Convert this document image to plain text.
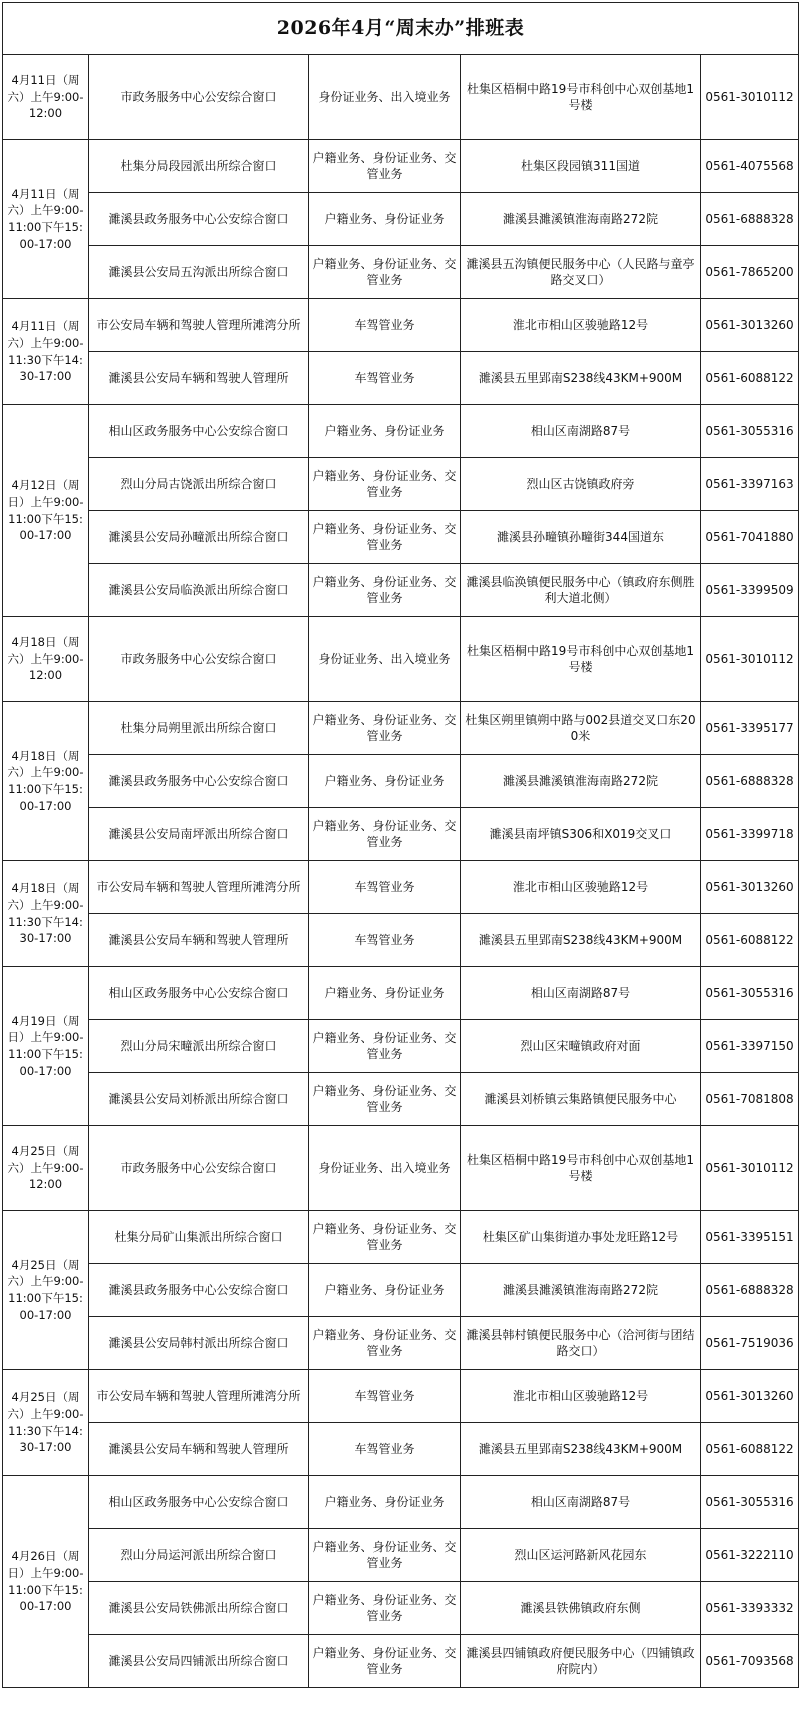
2026年4月“周末办”排班表				
4月11日（周六）上午9:00-12:00	市政务服务中心公安综合窗口	身份证业务、出入境业务	杜集区梧桐中路19号市科创中心双创基地1号楼	0561-3010112
4月11日（周六）上午9:00-11:00下午15:00-17:00	杜集分局段园派出所综合窗口	户籍业务、身份证业务、交管业务	杜集区段园镇311国道	0561-4075568
	濉溪县政务服务中心公安综合窗口	户籍业务、身份证业务	濉溪县濉溪镇淮海南路272院	0561-6888328
	濉溪县公安局五沟派出所综合窗口	户籍业务、身份证业务、交管业务	濉溪县五沟镇便民服务中心（人民路与童亭路交叉口）	0561-7865200
4月11日（周六）上午9:00-11:30下午14:30-17:00	市公安局车辆和驾驶人管理所滩湾分所	车驾管业务	淮北市相山区骏驰路12号	0561-3013260
	濉溪县公安局车辆和驾驶人管理所	车驾管业务	濉溪县五里郢南S238线43KM+900M	0561-6088122
4月12日（周日）上午9:00-11:00下午15:00-17:00	相山区政务服务中心公安综合窗口	户籍业务、身份证业务	相山区南湖路87号	0561-3055316
	烈山分局古饶派出所综合窗口	户籍业务、身份证业务、交管业务	烈山区古饶镇政府旁	0561-3397163
	濉溪县公安局孙疃派出所综合窗口	户籍业务、身份证业务、交管业务	濉溪县孙疃镇孙疃街344国道东	0561-7041880
	濉溪县公安局临涣派出所综合窗口	户籍业务、身份证业务、交管业务	濉溪县临涣镇便民服务中心（镇政府东侧胜利大道北侧）	0561-3399509
4月18日（周六）上午9:00-12:00	市政务服务中心公安综合窗口	身份证业务、出入境业务	杜集区梧桐中路19号市科创中心双创基地1号楼	0561-3010112
4月18日（周六）上午9:00-11:00下午15:00-17:00	杜集分局朔里派出所综合窗口	户籍业务、身份证业务、交管业务	杜集区朔里镇朔中路与002县道交叉口东200米	0561-3395177
	濉溪县政务服务中心公安综合窗口	户籍业务、身份证业务	濉溪县濉溪镇淮海南路272院	0561-6888328
	濉溪县公安局南坪派出所综合窗口	户籍业务、身份证业务、交管业务	濉溪县南坪镇S306和X019交叉口	0561-3399718
4月18日（周六）上午9:00-11:30下午14:30-17:00	市公安局车辆和驾驶人管理所滩湾分所	车驾管业务	淮北市相山区骏驰路12号	0561-3013260
	濉溪县公安局车辆和驾驶人管理所	车驾管业务	濉溪县五里郢南S238线43KM+900M	0561-6088122
4月19日（周日）上午9:00-11:00下午15:00-17:00	相山区政务服务中心公安综合窗口	户籍业务、身份证业务	相山区南湖路87号	0561-3055316
	烈山分局宋疃派出所综合窗口	户籍业务、身份证业务、交管业务	烈山区宋疃镇政府对面	0561-3397150
	濉溪县公安局刘桥派出所综合窗口	户籍业务、身份证业务、交管业务	濉溪县刘桥镇云集路镇便民服务中心	0561-7081808
4月25日（周六）上午9:00-12:00	市政务服务中心公安综合窗口	身份证业务、出入境业务	杜集区梧桐中路19号市科创中心双创基地1号楼	0561-3010112
4月25日（周六）上午9:00-11:00下午15:00-17:00	杜集分局矿山集派出所综合窗口	户籍业务、身份证业务、交管业务	杜集区矿山集街道办事处龙旺路12号	0561-3395151
	濉溪县政务服务中心公安综合窗口	户籍业务、身份证业务	濉溪县濉溪镇淮海南路272院	0561-6888328
	濉溪县公安局韩村派出所综合窗口	户籍业务、身份证业务、交管业务	濉溪县韩村镇便民服务中心（洽河街与团结路交口）	0561-7519036
4月25日（周六）上午9:00-11:30下午14:30-17:00	市公安局车辆和驾驶人管理所滩湾分所	车驾管业务	淮北市相山区骏驰路12号	0561-3013260
	濉溪县公安局车辆和驾驶人管理所	车驾管业务	濉溪县五里郢南S238线43KM+900M	0561-6088122
4月26日（周日）上午9:00-11:00下午15:00-17:00	相山区政务服务中心公安综合窗口	户籍业务、身份证业务	相山区南湖路87号	0561-3055316
	烈山分局运河派出所综合窗口	户籍业务、身份证业务、交管业务	烈山区运河路新风花园东	0561-3222110
	濉溪县公安局铁佛派出所综合窗口	户籍业务、身份证业务、交管业务	濉溪县铁佛镇政府东侧	0561-3393332
	濉溪县公安局四铺派出所综合窗口	户籍业务、身份证业务、交管业务	濉溪县四铺镇政府便民服务中心（四铺镇政府院内）	0561-7093568
